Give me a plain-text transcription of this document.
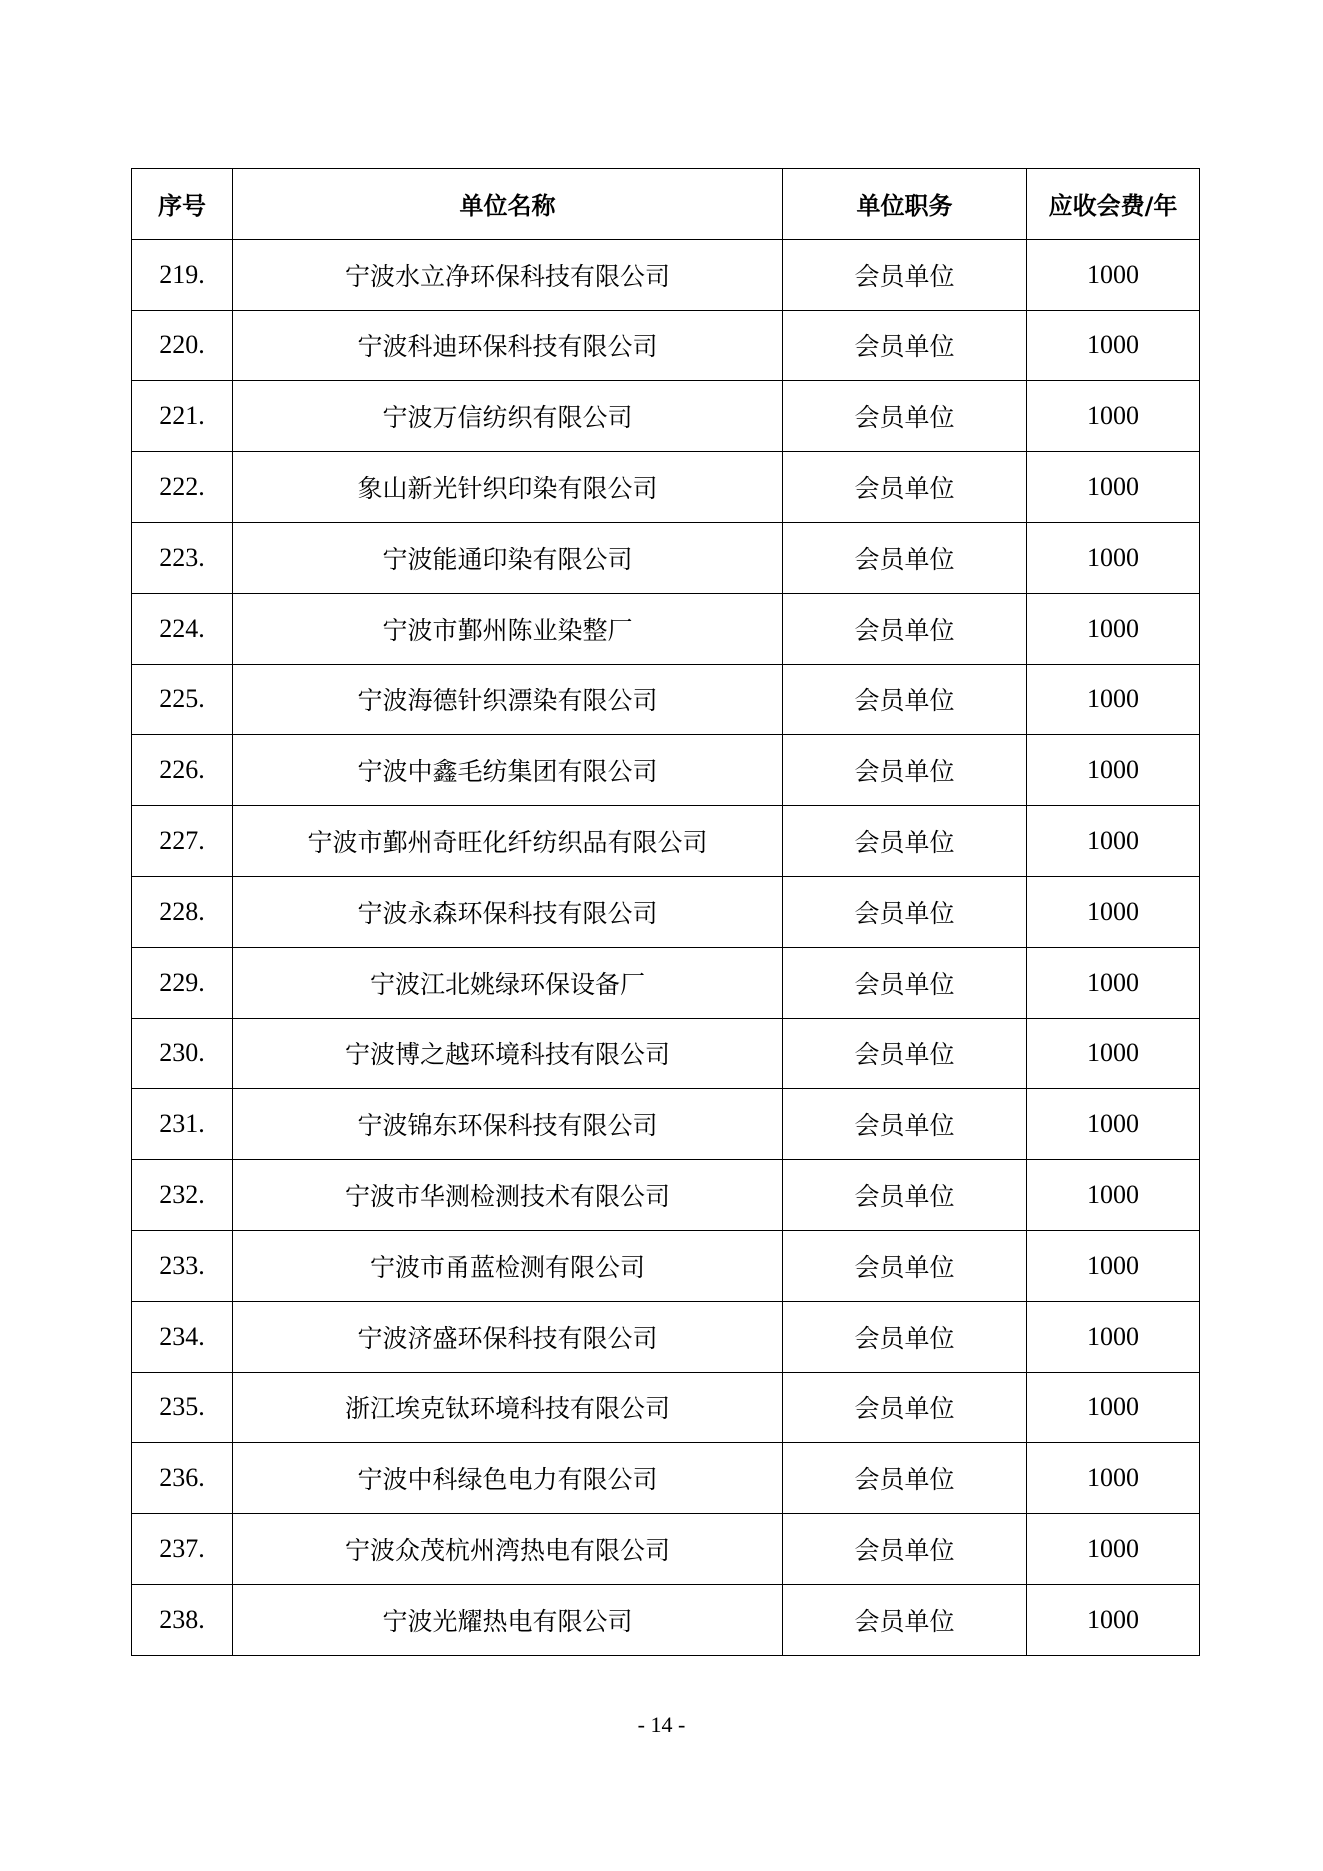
序号	单位名称	单位职务	应收会费/年
219.	宁波水立净环保科技有限公司	会员单位	1000
220.	宁波科迪环保科技有限公司	会员单位	1000
221.	宁波万信纺织有限公司	会员单位	1000
222.	象山新光针织印染有限公司	会员单位	1000
223.	宁波能通印染有限公司	会员单位	1000
224.	宁波市鄞州陈业染整厂	会员单位	1000
225.	宁波海德针织漂染有限公司	会员单位	1000
226.	宁波中鑫毛纺集团有限公司	会员单位	1000
227.	宁波市鄞州奇旺化纤纺织品有限公司	会员单位	1000
228.	宁波永森环保科技有限公司	会员单位	1000
229.	宁波江北姚绿环保设备厂	会员单位	1000
230.	宁波博之越环境科技有限公司	会员单位	1000
231.	宁波锦东环保科技有限公司	会员单位	1000
232.	宁波市华测检测技术有限公司	会员单位	1000
233.	宁波市甬蓝检测有限公司	会员单位	1000
234.	宁波济盛环保科技有限公司	会员单位	1000
235.	浙江埃克钛环境科技有限公司	会员单位	1000
236.	宁波中科绿色电力有限公司	会员单位	1000
237.	宁波众茂杭州湾热电有限公司	会员单位	1000
238.	宁波光耀热电有限公司	会员单位	1000
- 14 -
